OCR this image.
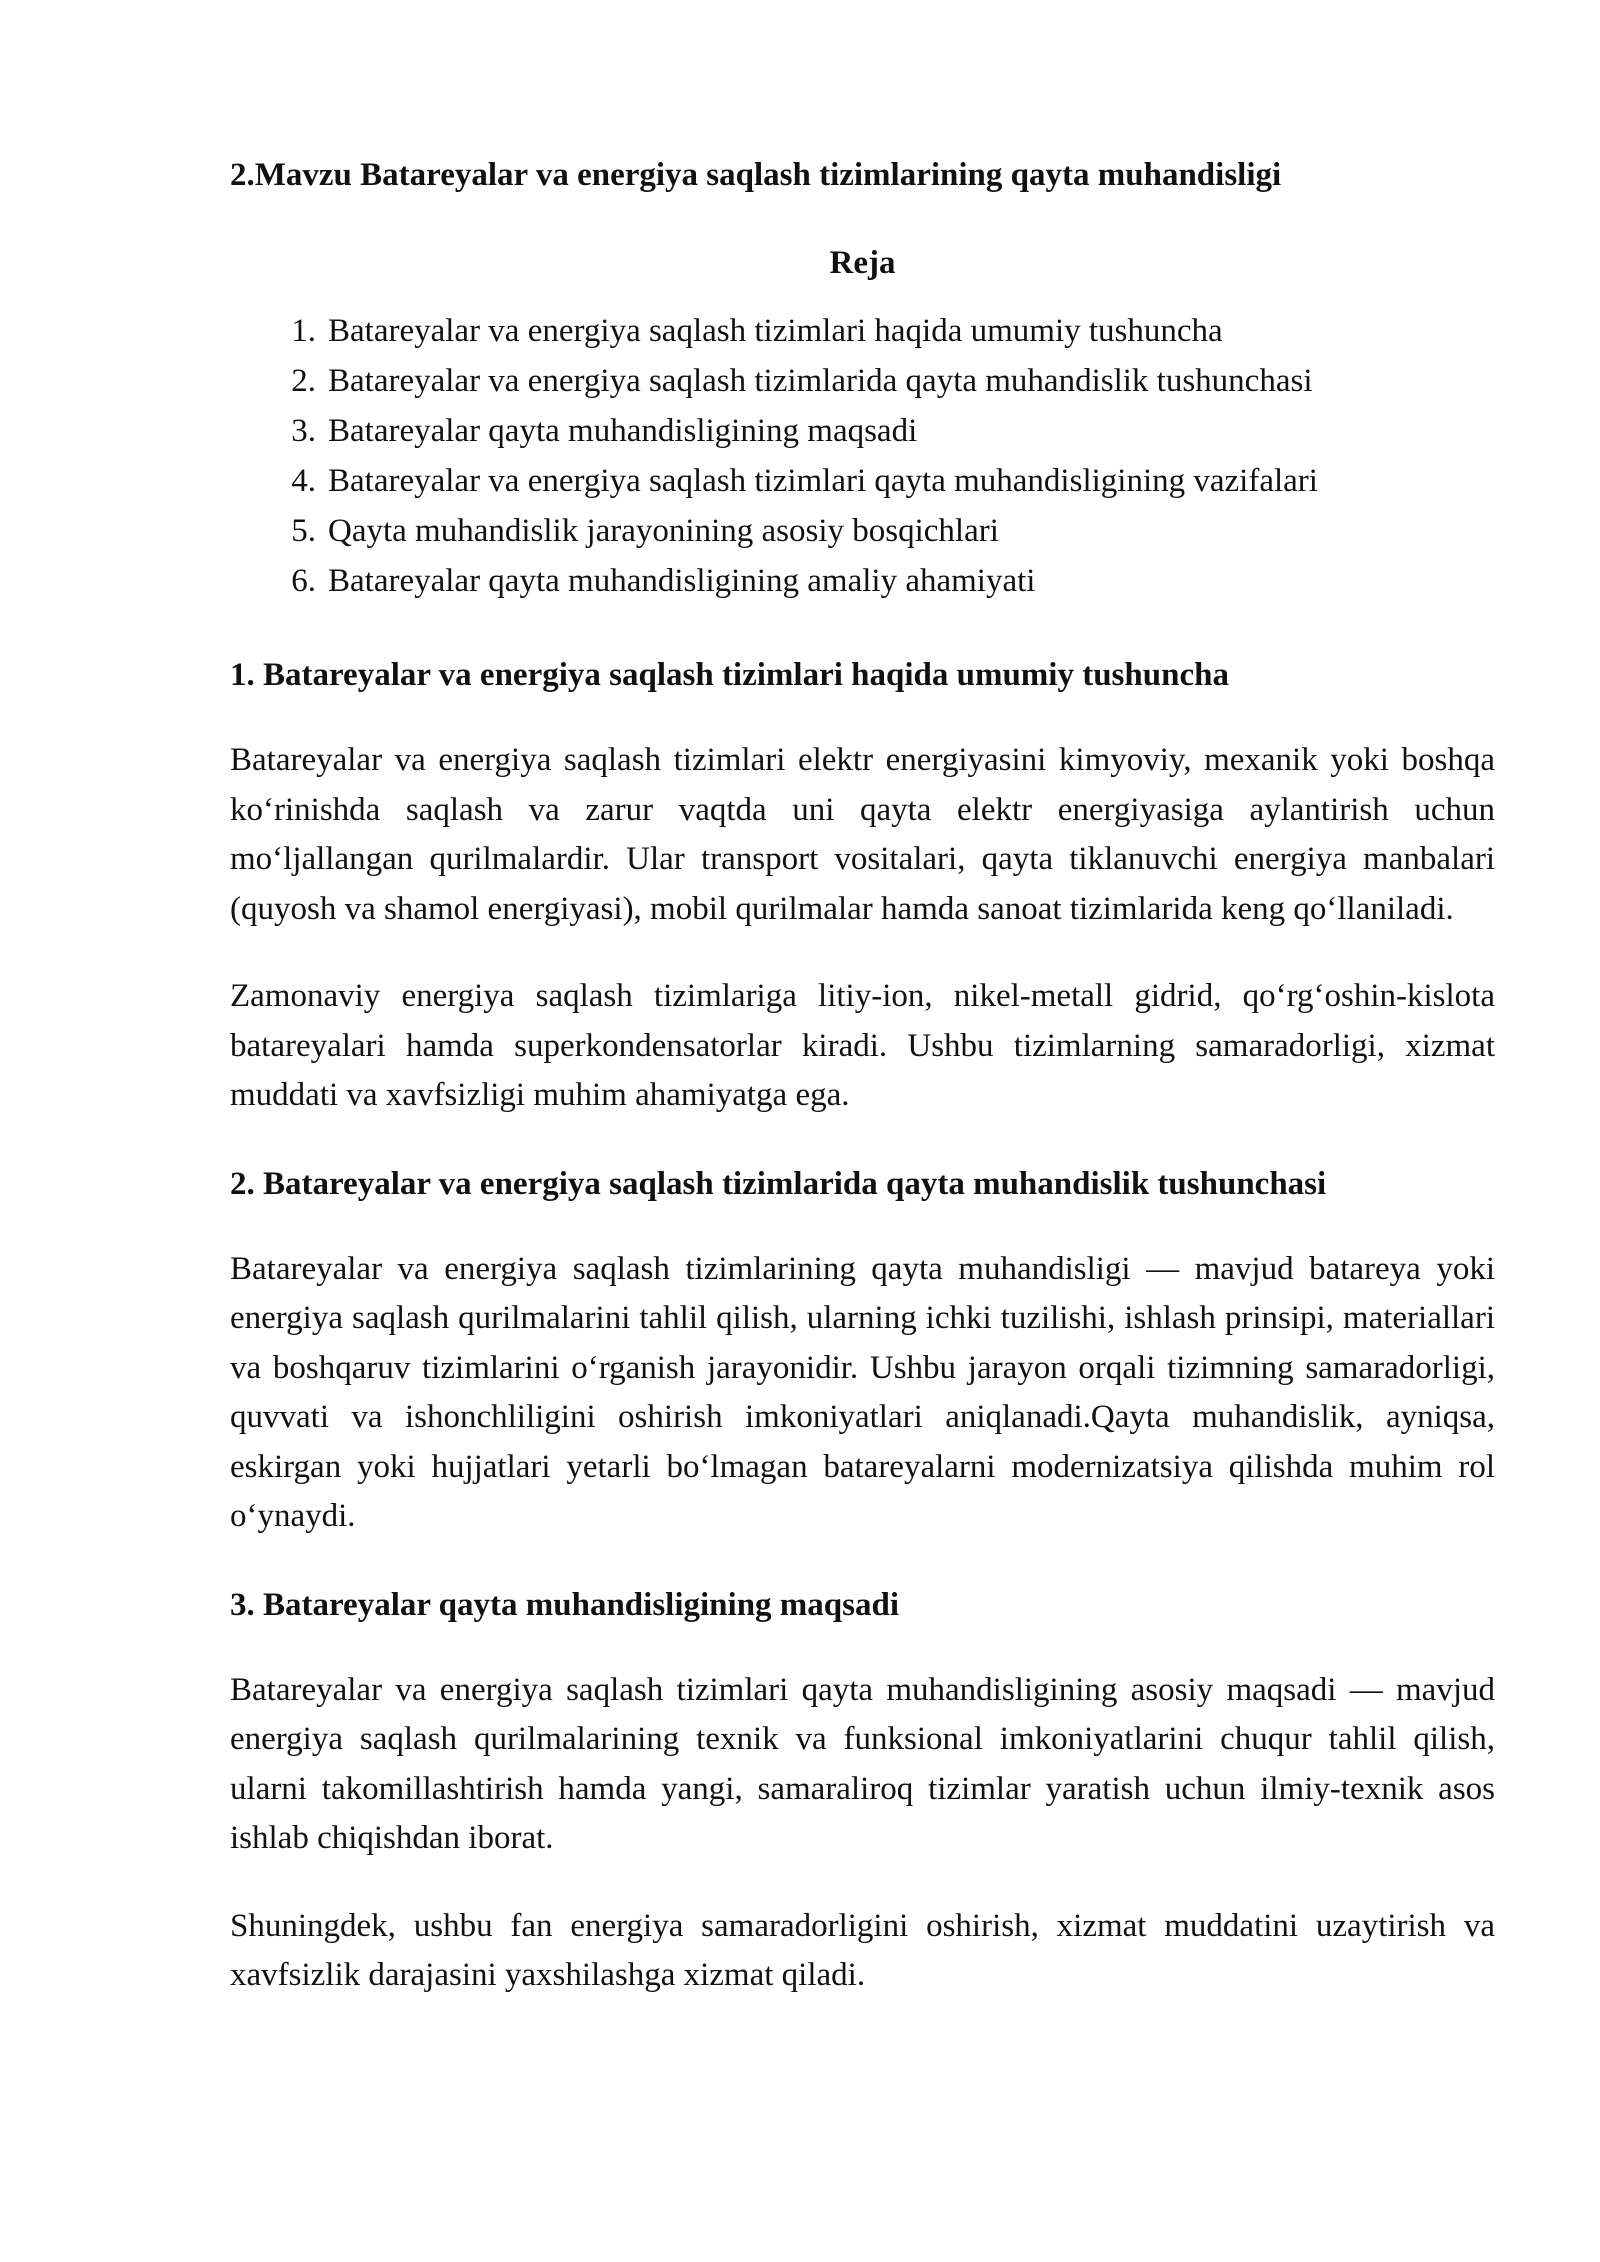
2.Mavzu Batareyalar va energiya saqlash tizimlarining qayta muhandisligi
Reja
1. Batareyalar va energiya saqlash tizimlari haqida umumiy tushuncha
2. Batareyalar va energiya saqlash tizimlarida qayta muhandislik tushunchasi
3. Batareyalar qayta muhandisligining maqsadi
4. Batareyalar va energiya saqlash tizimlari qayta muhandisligining vazifalari
5. Qayta muhandislik jarayonining asosiy bosqichlari
6. Batareyalar qayta muhandisligining amaliy ahamiyati
1. Batareyalar va energiya saqlash tizimlari haqida umumiy tushuncha

Batareyalar va energiya saqlash tizimlari elektr energiyasini kimyoviy, mexanik yoki boshqa ko‘rinishda saqlash va zarur vaqtda uni qayta elektr energiyasiga aylantirish uchun mo‘ljallangan qurilmalardir. Ular transport vositalari, qayta tiklanuvchi energiya manbalari (quyosh va shamol energiyasi), mobil qurilmalar hamda sanoat tizimlarida keng qo‘llaniladi.

Zamonaviy energiya saqlash tizimlariga litiy-ion, nikel-metall gidrid, qo‘rg‘oshin-kislota batareyalari hamda superkondensatorlar kiradi. Ushbu tizimlarning samaradorligi, xizmat muddati va xavfsizligi muhim ahamiyatga ega.

2. Batareyalar va energiya saqlash tizimlarida qayta muhandislik tushunchasi

Batareyalar va energiya saqlash tizimlarining qayta muhandisligi — mavjud batareya yoki energiya saqlash qurilmalarini tahlil qilish, ularning ichki tuzilishi, ishlash prinsipi, materiallari va boshqaruv tizimlarini o‘rganish jarayonidir. Ushbu jarayon orqali tizimning samaradorligi, quvvati va ishonchliligini oshirish imkoniyatlari aniqlanadi.Qayta muhandislik, ayniqsa, eskirgan yoki hujjatlari yetarli bo‘lmagan batareyalarni modernizatsiya qilishda muhim rol o‘ynaydi.

3. Batareyalar qayta muhandisligining maqsadi

Batareyalar va energiya saqlash tizimlari qayta muhandisligining asosiy maqsadi — mavjud energiya saqlash qurilmalarining texnik va funksional imkoniyatlarini chuqur tahlil qilish, ularni takomillashtirish hamda yangi, samaraliroq tizimlar yaratish uchun ilmiy-texnik asos ishlab chiqishdan iborat.

Shuningdek, ushbu fan energiya samaradorligini oshirish, xizmat muddatini uzaytirish va xavfsizlik darajasini yaxshilashga xizmat qiladi.
